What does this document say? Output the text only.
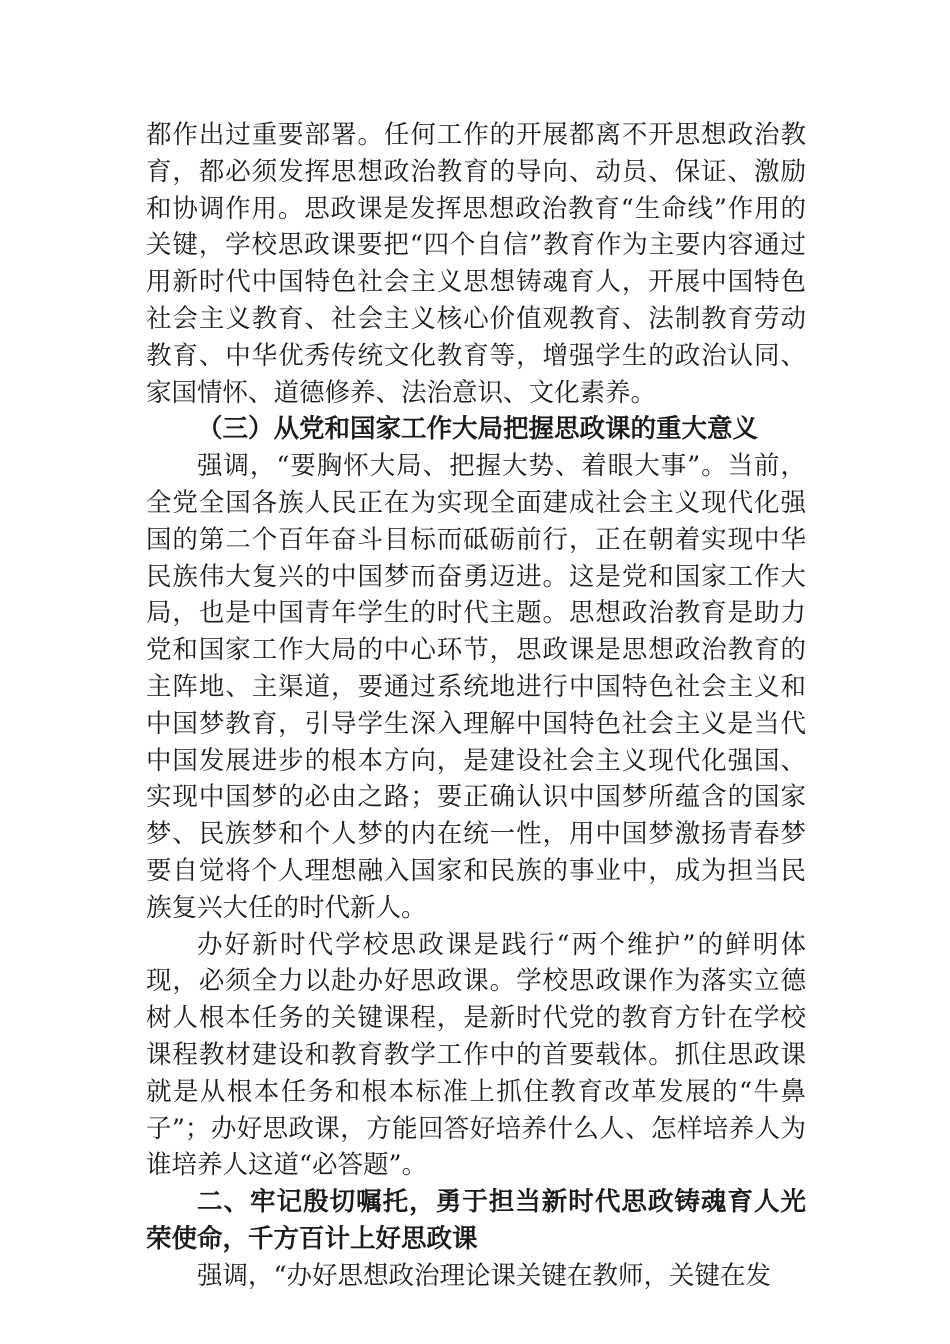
都作出过重要部署。任何工作的开展都离不开思想政治教育，都必须发挥思想政治教育的导向、动员、保证、激励和协调作用。思政课是发挥思想政治教育“生命线”作用的关键，学校思政课要把“四个自信”教育作为主要内容通过用新时代中国特色社会主义思想铸魂育人，开展中国特色社会主义教育、社会主义核心价值观教育、法制教育劳动教育、中华优秀传统文化教育等，增强学生的政治认同、家国情怀、道德修养、法治意识、文化素养。

（三）从党和国家工作大局把握思政课的重大意义

强调，“要胸怀大局、把握大势、着眼大事”。当前，全党全国各族人民正在为实现全面建成社会主义现代化强国的第二个百年奋斗目标而砥砺前行，正在朝着实现中华民族伟大复兴的中国梦而奋勇迈进。这是党和国家工作大局，也是中国青年学生的时代主题。思想政治教育是助力党和国家工作大局的中心环节，思政课是思想政治教育的主阵地、主渠道，要通过系统地进行中国特色社会主义和中国梦教育，引导学生深入理解中国特色社会主义是当代中国发展进步的根本方向，是建设社会主义现代化强国、实现中国梦的必由之路；要正确认识中国梦所蕴含的国家梦、民族梦和个人梦的内在统一性，用中国梦激扬青春梦要自觉将个人理想融入国家和民族的事业中，成为担当民族复兴大任的时代新人。

办好新时代学校思政课是践行“两个维护”的鲜明体现，必须全力以赴办好思政课。学校思政课作为落实立德树人根本任务的关键课程，是新时代党的教育方针在学校课程教材建设和教育教学工作中的首要载体。抓住思政课就是从根本任务和根本标准上抓住教育改革发展的“牛鼻子”；办好思政课，方能回答好培养什么人、怎样培养人为谁培养人这道“必答题”。

二、牢记殷切嘱托，勇于担当新时代思政铸魂育人光荣使命，千方百计上好思政课

强调，“办好思想政治理论课关键在教师，关键在发
